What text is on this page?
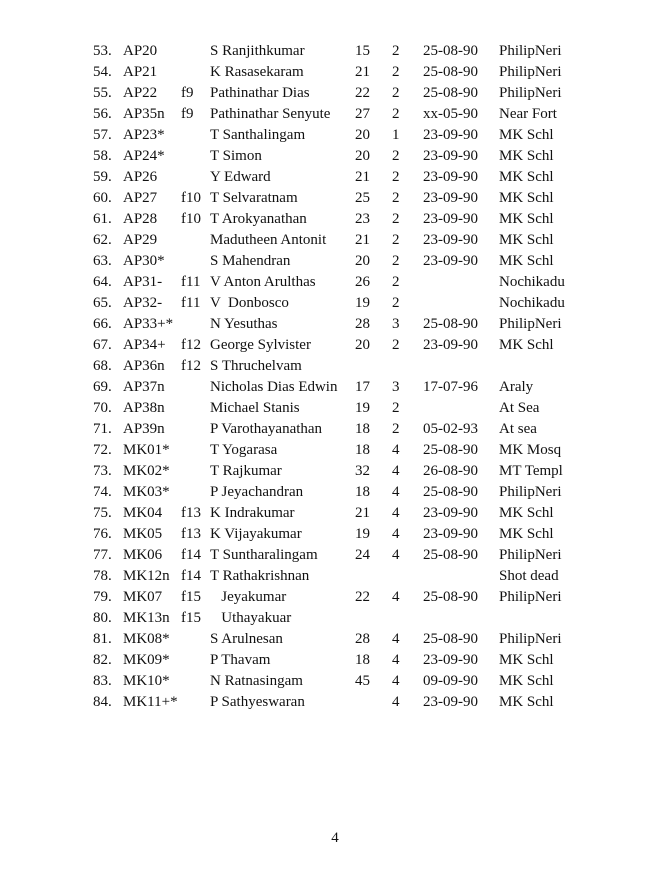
53.	AP20		S Ranjithkumar	15	2	25-08-90	PhilipNeri
54.	AP21		K Rasasekaram	21	2	25-08-90	PhilipNeri
55.	AP22	f9	Pathinathar Dias	22	2	25-08-90	PhilipNeri
56.	AP35n	f9	Pathinathar Senyute	27	2	xx-05-90	Near Fort
57.	AP23*		T Santhalingam	20	1	23-09-90	MK Schl
58.	AP24*		T Simon	20	2	23-09-90	MK Schl
59.	AP26		Y Edward	21	2	23-09-90	MK Schl
60.	AP27	f10	T Selvaratnam	25	2	23-09-90	MK Schl
61.	AP28	f10	T Arokyanathan	23	2	23-09-90	MK Schl
62.	AP29		Madutheen Antonit	21	2	23-09-90	MK Schl
63.	AP30*		S Mahendran	20	2	23-09-90	MK Schl
64.	AP31-	f11	V Anton Arulthas	26	2		Nochikadu
65.	AP32-	f11	V  Donbosco	19	2		Nochikadu
66.	AP33+*		N Yesuthas	28	3	25-08-90	PhilipNeri
67.	AP34+	f12	George Sylvister	20	2	23-09-90	MK Schl
68.	AP36n	f12	S Thruchelvam				
69.	AP37n		Nicholas Dias Edwin	17	3	17-07-96	Araly
70.	AP38n		Michael Stanis	19	2		At Sea
71.	AP39n		P Varothayanathan	18	2	05-02-93	At sea
72.	MK01*		T Yogarasa	18	4	25-08-90	MK Mosq
73.	MK02*		T Rajkumar	32	4	26-08-90	MT Templ
74.	MK03*		P Jeyachandran	18	4	25-08-90	PhilipNeri
75.	MK04	f13	K Indrakumar	21	4	23-09-90	MK Schl
76.	MK05	f13	K Vijayakumar	19	4	23-09-90	MK Schl
77.	MK06	f14	T Suntharalingam	24	4	25-08-90	PhilipNeri
78.	MK12n	f14	T Rathakrishnan				Shot dead
79.	MK07	f15	Jeyakumar	22	4	25-08-90	PhilipNeri
80.	MK13n	f15	Uthayakuar				
81.	MK08*		S Arulnesan	28	4	25-08-90	PhilipNeri
82.	MK09*		P Thavam	18	4	23-09-90	MK Schl
83.	MK10*		N Ratnasingam	45	4	09-09-90	MK Schl
84.	MK11+*		P Sathyeswaran		4	23-09-90	MK Schl
4
